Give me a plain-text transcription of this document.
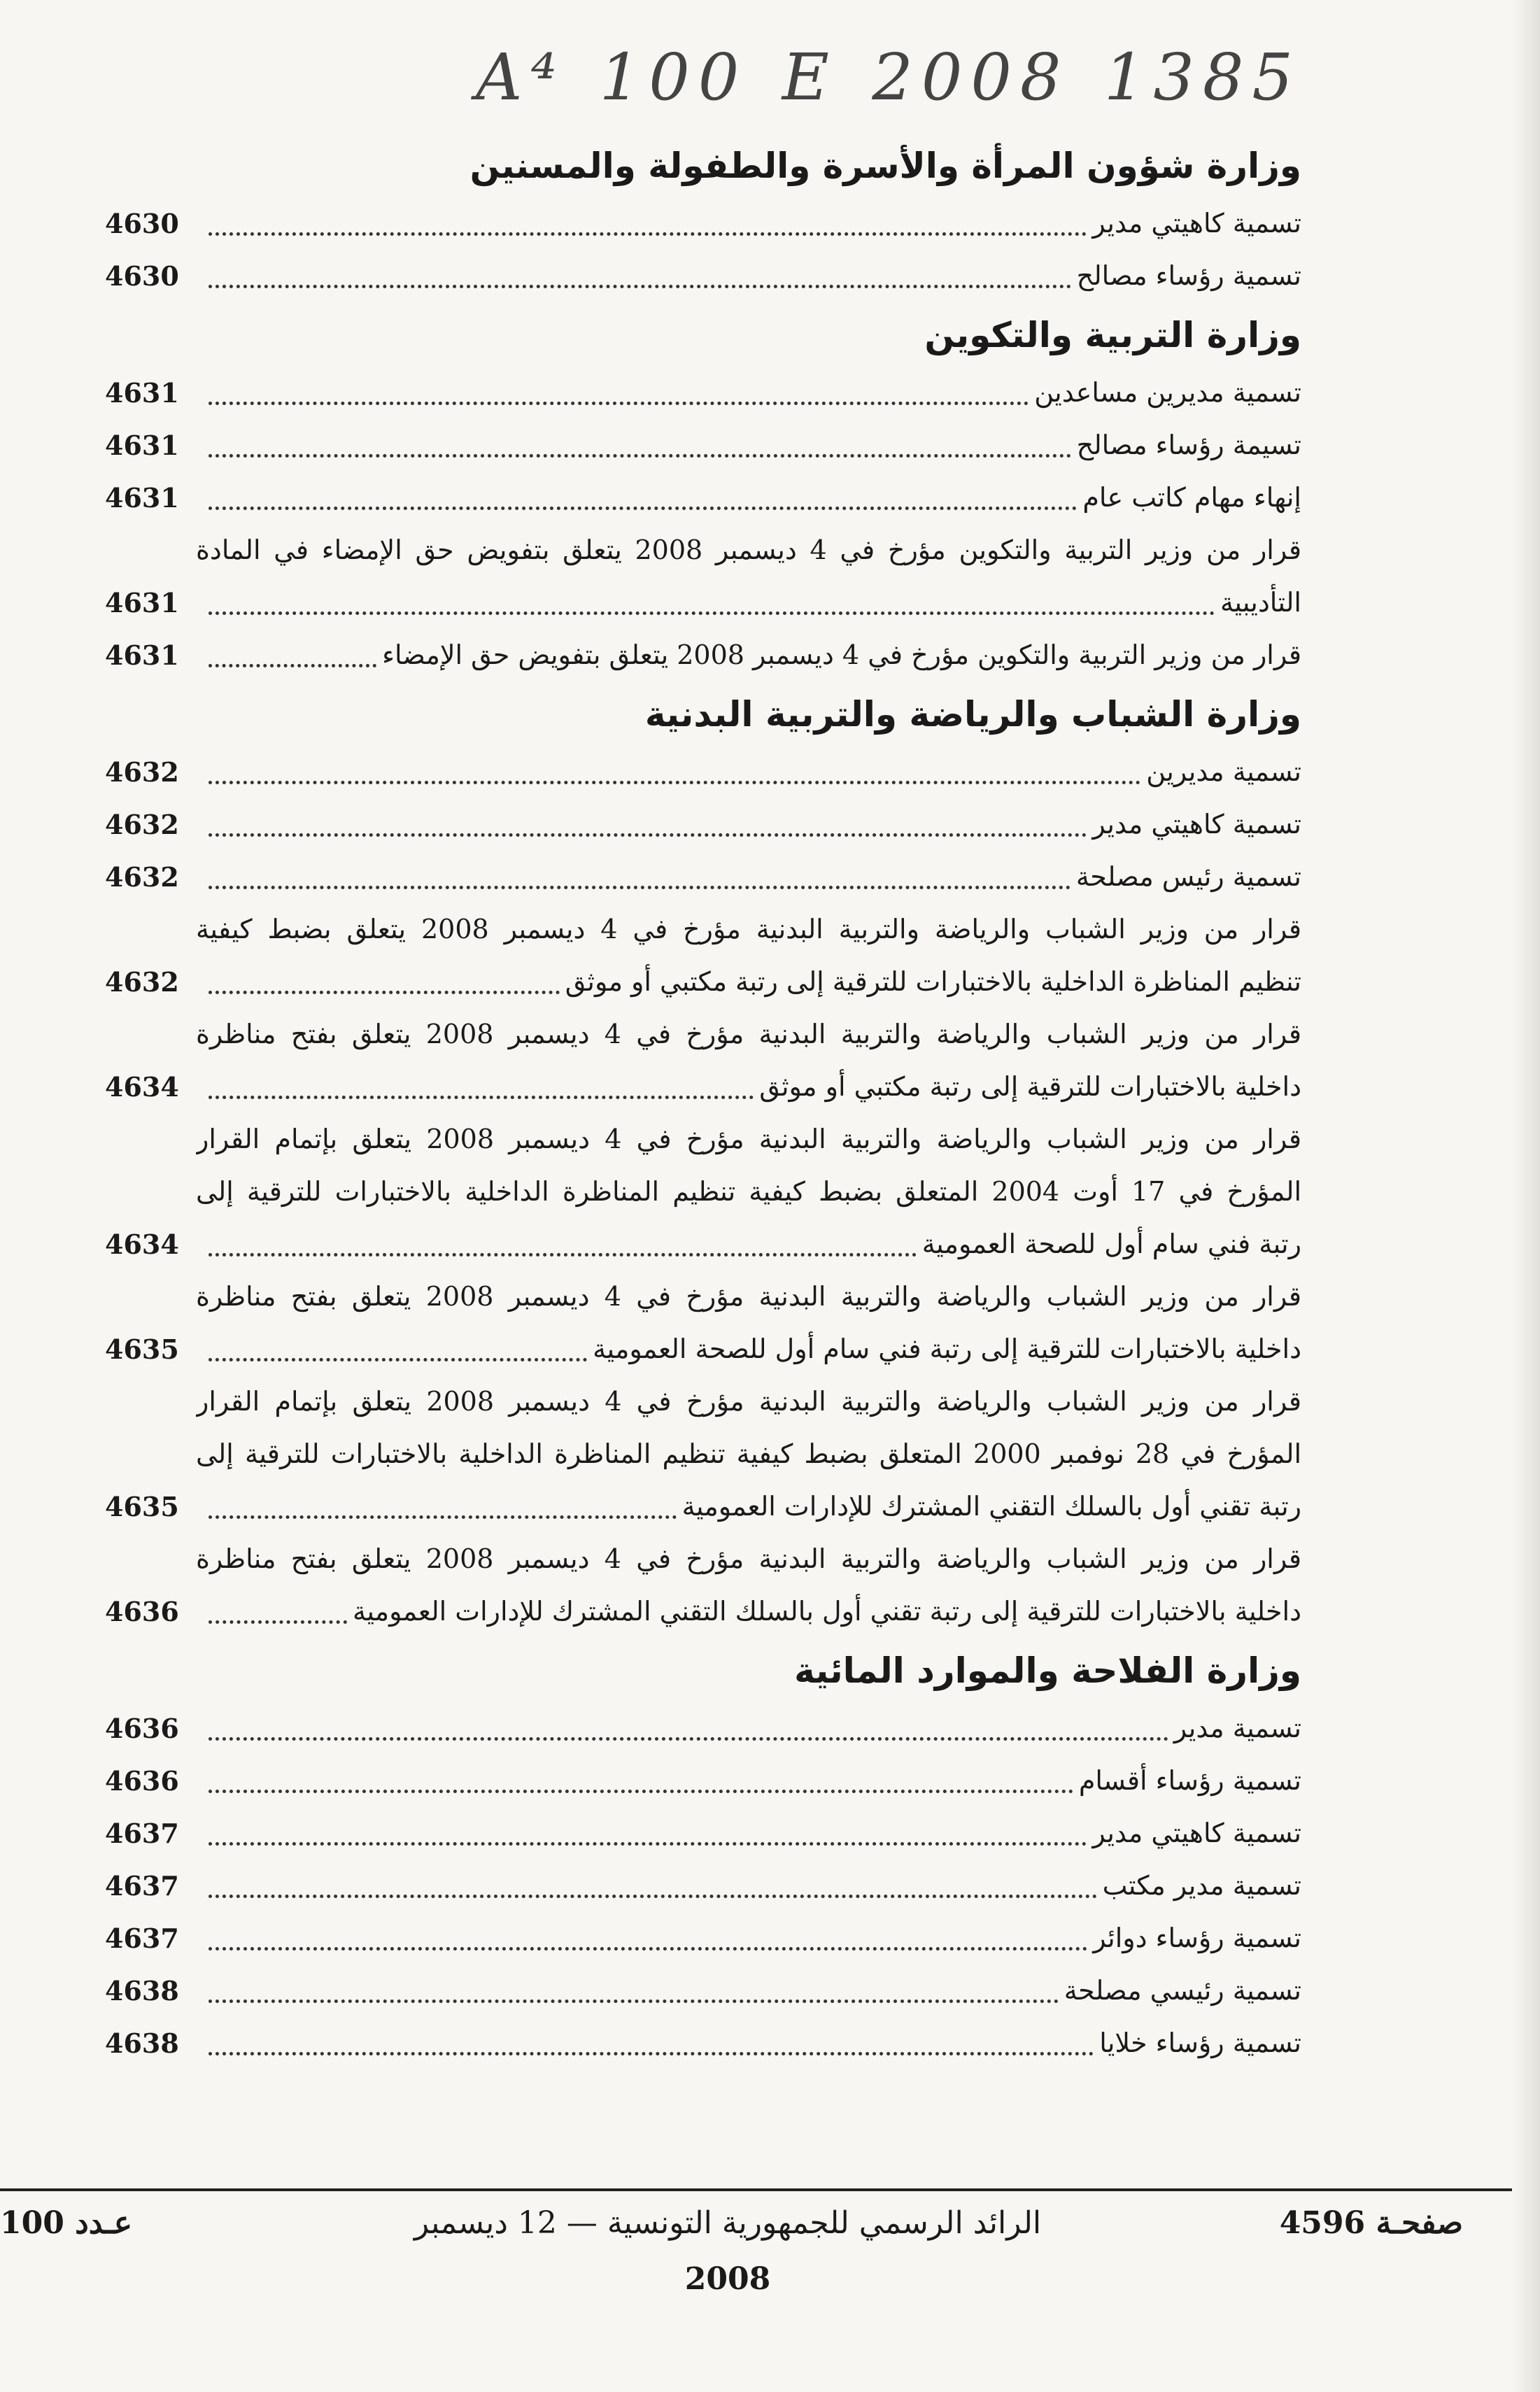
A⁴ 100 E 2008 1385
وزارة شؤون المرأة والأسرة والطفولة والمسنين
تسمية كاهيتي مدير
4630
تسمية رؤساء مصالح
4630
وزارة التربية والتكوين
تسمية مديرين مساعدين
4631
تسيمة رؤساء مصالح
4631
إنهاء مهام كاتب عام
4631
قرار من وزير التربية والتكوين مؤرخ في 4 ديسمبر 2008 يتعلق بتفويض حق الإمضاء في المادة
التأديبية
4631
قرار من وزير التربية والتكوين مؤرخ في 4 ديسمبر 2008 يتعلق بتفويض حق الإمضاء
4631
وزارة الشباب والرياضة والتربية البدنية
تسمية مديرين
4632
تسمية كاهيتي مدير
4632
تسمية رئيس مصلحة
4632
قرار من وزير الشباب والرياضة والتربية البدنية مؤرخ في 4 ديسمبر 2008 يتعلق بضبط كيفية
تنظيم المناظرة الداخلية بالاختبارات للترقية إلى رتبة مكتبي أو موثق
4632
قرار من وزير الشباب والرياضة والتربية البدنية مؤرخ في 4 ديسمبر 2008 يتعلق بفتح مناظرة
داخلية بالاختبارات للترقية إلى رتبة مكتبي أو موثق
4634
قرار من وزير الشباب والرياضة والتربية البدنية مؤرخ في 4 ديسمبر 2008 يتعلق بإتمام القرار
المؤرخ في 17 أوت 2004 المتعلق بضبط كيفية تنظيم المناظرة الداخلية بالاختبارات للترقية إلى
رتبة فني سام أول للصحة العمومية
4634
قرار من وزير الشباب والرياضة والتربية البدنية مؤرخ في 4 ديسمبر 2008 يتعلق بفتح مناظرة
داخلية بالاختبارات للترقية إلى رتبة فني سام أول للصحة العمومية
4635
قرار من وزير الشباب والرياضة والتربية البدنية مؤرخ في 4 ديسمبر 2008 يتعلق بإتمام القرار
المؤرخ في 28 نوفمبر 2000 المتعلق بضبط كيفية تنظيم المناظرة الداخلية بالاختبارات للترقية إلى
رتبة تقني أول بالسلك التقني المشترك للإدارات العمومية
4635
قرار من وزير الشباب والرياضة والتربية البدنية مؤرخ في 4 ديسمبر 2008 يتعلق بفتح مناظرة
داخلية بالاختبارات للترقية إلى رتبة تقني أول بالسلك التقني المشترك للإدارات العمومية
4636
وزارة الفلاحة والموارد المائية
تسمية مدير
4636
تسمية رؤساء أقسام
4636
تسمية كاهيتي مدير
4637
تسمية مدير مكتب
4637
تسمية رؤساء دوائر
4637
تسمية رئيسي مصلحة
4638
تسمية رؤساء خلايا
4638
صفحـة 4596
الرائد الرسمي للجمهورية التونسية — 12 ديسمبر 2008
عـدد 100
